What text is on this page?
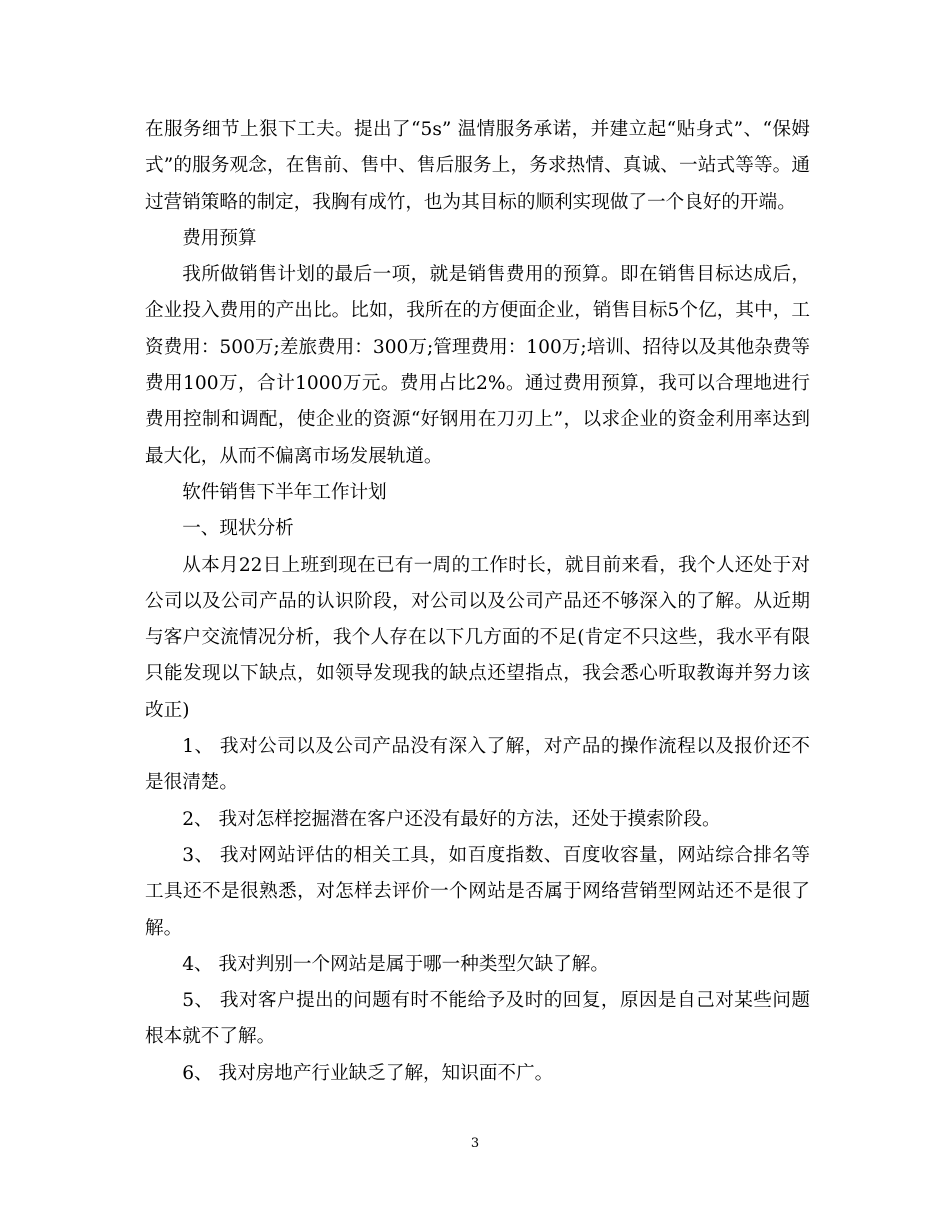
在服务细节上狠下工夫。提出了“5s” 温情服务承诺，并建立起“贴身式”、“保姆式”的服务观念，在售前、售中、售后服务上，务求热情、真诚、一站式等等。通过营销策略的制定，我胸有成竹，也为其目标的顺利实现做了一个良好的开端。

费用预算

我所做销售计划的最后一项，就是销售费用的预算。即在销售目标达成后，企业投入费用的产出比。比如，我所在的方便面企业，销售目标5个亿，其中，工资费用：500万;差旅费用：300万;管理费用：100万;培训、招待以及其他杂费等费用100万，合计1000万元。费用占比2%。通过费用预算，我可以合理地进行费用控制和调配，使企业的资源“好钢用在刀刃上”，以求企业的资金利用率达到最大化，从而不偏离市场发展轨道。

软件销售下半年工作计划

一、现状分析

从本月22日上班到现在已有一周的工作时长，就目前来看，我个人还处于对公司以及公司产品的认识阶段，对公司以及公司产品还不够深入的了解。从近期与客户交流情况分析，我个人存在以下几方面的不足(肯定不只这些，我水平有限只能发现以下缺点，如领导发现我的缺点还望指点，我会悉心听取教诲并努力该改正)

1、 我对公司以及公司产品没有深入了解，对产品的操作流程以及报价还不是很清楚。

2、 我对怎样挖掘潜在客户还没有最好的方法，还处于摸索阶段。

3、 我对网站评估的相关工具，如百度指数、百度收容量，网站综合排名等工具还不是很熟悉，对怎样去评价一个网站是否属于网络营销型网站还不是很了解。

4、 我对判别一个网站是属于哪一种类型欠缺了解。

5、 我对客户提出的问题有时不能给予及时的回复，原因是自己对某些问题根本就不了解。

6、 我对房地产行业缺乏了解，知识面不广。

3
